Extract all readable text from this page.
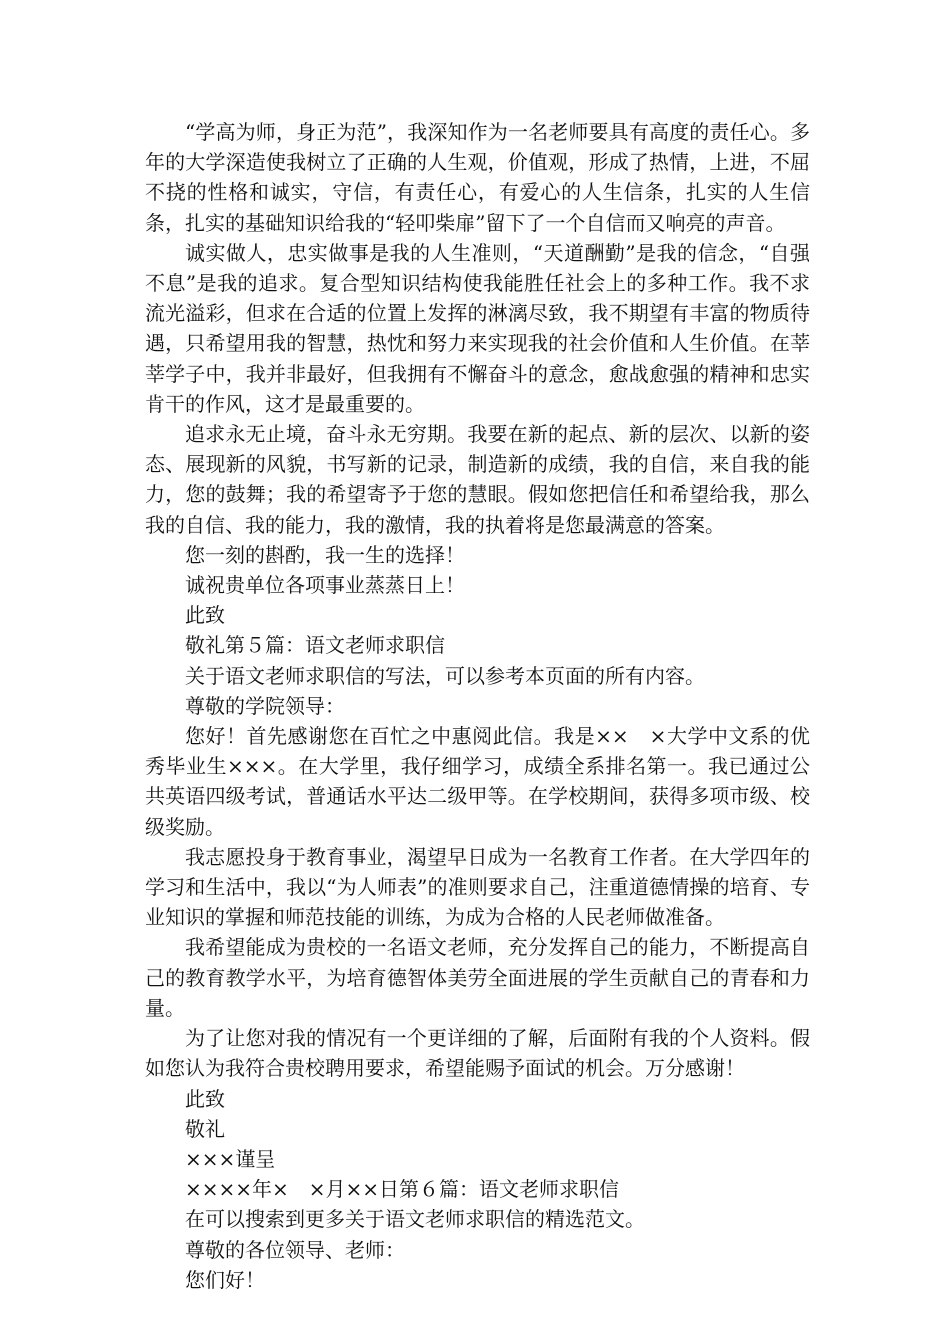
“学高为师，身正为范”，我深知作为一名老师要具有高度的责任心。多年的大学深造使我树立了正确的人生观，价值观，形成了热情，上进，不屈不挠的性格和诚实，守信，有责任心，有爱心的人生信条，扎实的人生信条，扎实的基础知识给我的“轻叩柴扉”留下了一个自信而又响亮的声音。

诚实做人，忠实做事是我的人生准则，“天道酬勤”是我的信念，“自强不息”是我的追求。复合型知识结构使我能胜任社会上的多种工作。我不求流光溢彩，但求在合适的位置上发挥的淋漓尽致，我不期望有丰富的物质待遇，只希望用我的智慧，热忱和努力来实现我的社会价值和人生价值。在莘莘学子中，我并非最好，但我拥有不懈奋斗的意念，愈战愈强的精神和忠实肯干的作风，这才是最重要的。

追求永无止境，奋斗永无穷期。我要在新的起点、新的层次、以新的姿态、展现新的风貌，书写新的记录，制造新的成绩，我的自信，来自我的能力，您的鼓舞；我的希望寄予于您的慧眼。假如您把信任和希望给我，那么我的自信、我的能力，我的激情，我的执着将是您最满意的答案。

您一刻的斟酌，我一生的选择！

诚祝贵单位各项事业蒸蒸日上！

此致

敬礼第５篇：语文老师求职信

关于语文老师求职信的写法，可以参考本页面的所有内容。

尊敬的学院领导：

您好！首先感谢您在百忙之中惠阅此信。我是××　×大学中文系的优秀毕业生×××。在大学里，我仔细学习，成绩全系排名第一。我已通过公共英语四级考试，普通话水平达二级甲等。在学校期间，获得多项市级、校级奖励。

我志愿投身于教育事业，渴望早日成为一名教育工作者。在大学四年的学习和生活中，我以“为人师表”的准则要求自己，注重道德情操的培育、专业知识的掌握和师范技能的训练，为成为合格的人民老师做准备。

我希望能成为贵校的一名语文老师，充分发挥自己的能力，不断提高自己的教育教学水平，为培育德智体美劳全面进展的学生贡献自己的青春和力量。

为了让您对我的情况有一个更详细的了解，后面附有我的个人资料。假如您认为我符合贵校聘用要求，希望能赐予面试的机会。万分感谢！

此致

敬礼

×××谨呈

××××年×　×月××日第６篇：语文老师求职信

在可以搜索到更多关于语文老师求职信的精选范文。

尊敬的各位领导、老师：

您们好！
